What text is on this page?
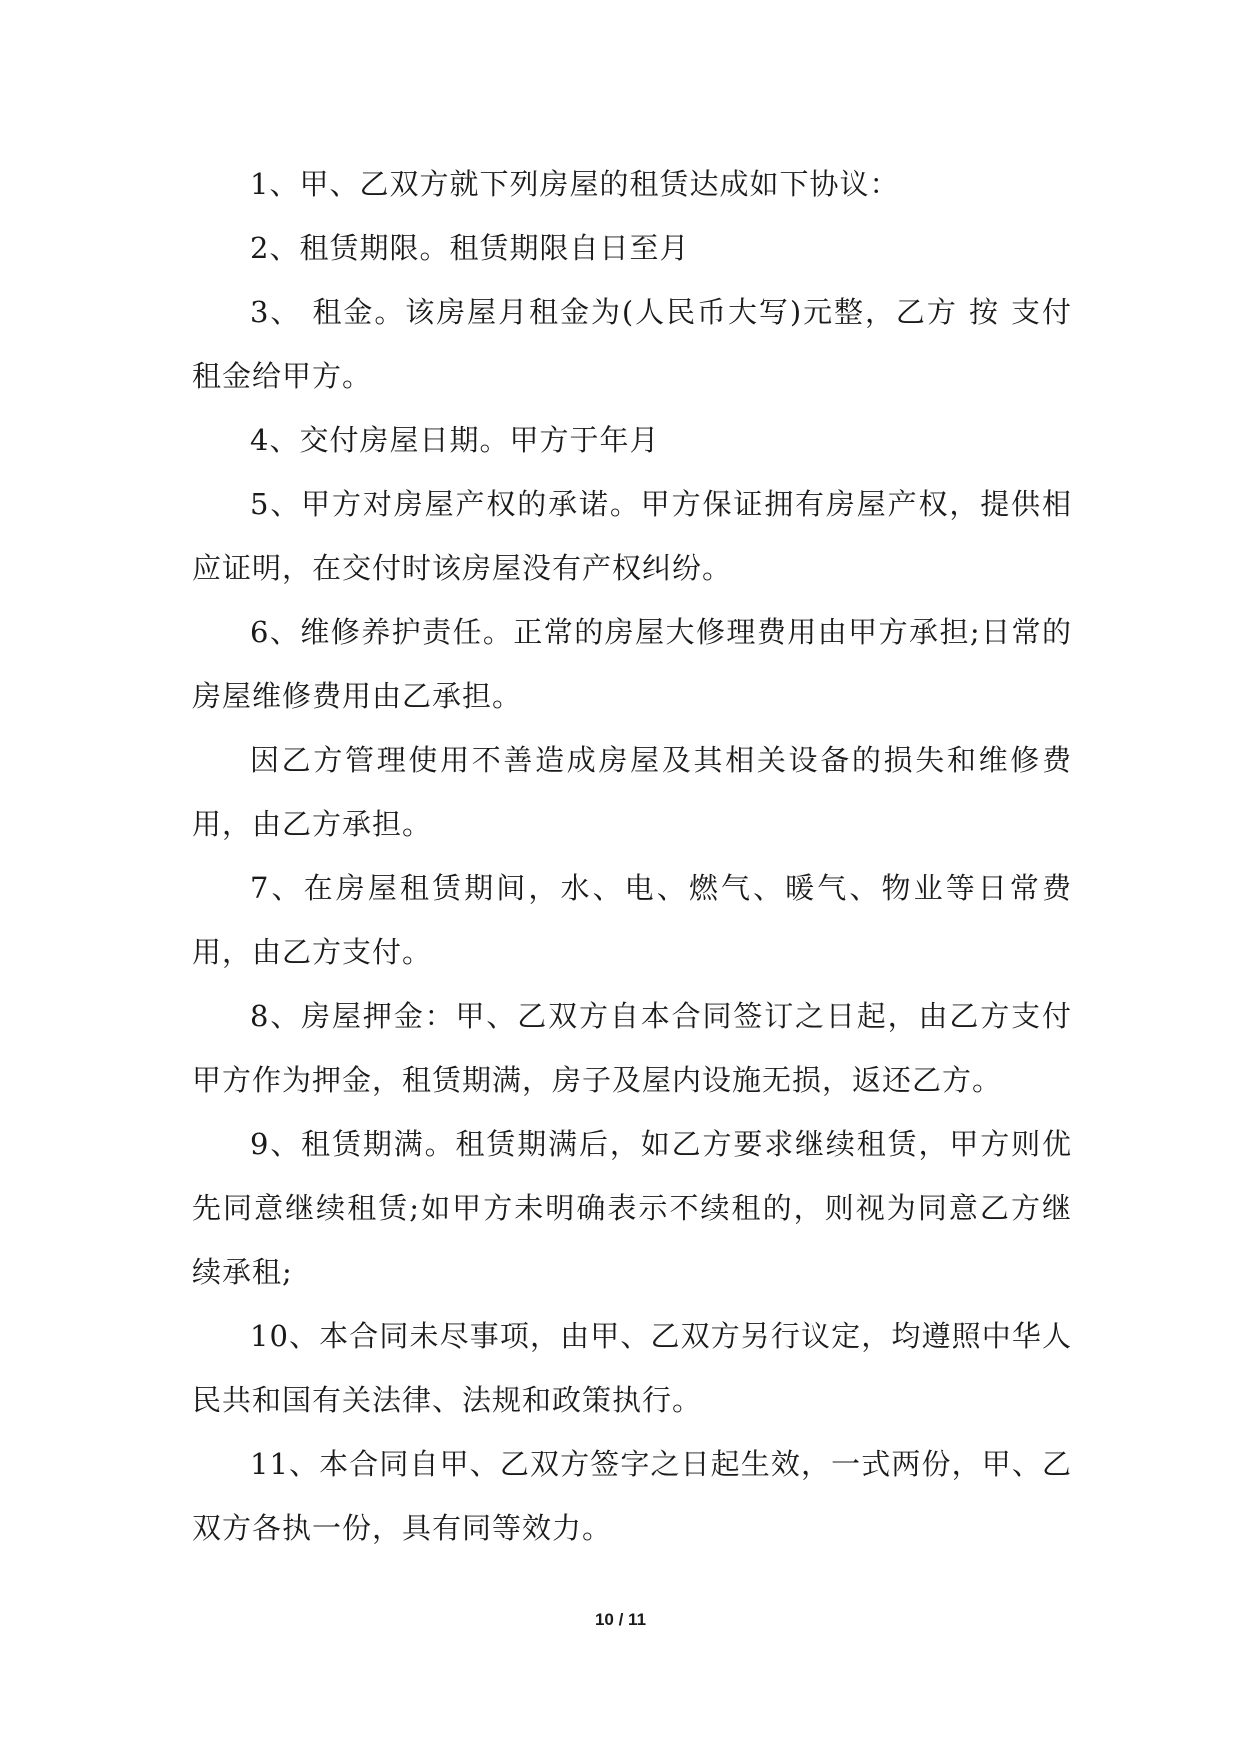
1、甲、乙双方就下列房屋的租赁达成如下协议：

2、租赁期限。租赁期限自日至月

3、 租金。该房屋月租金为(人民币大写)元整，乙方 按 支付租金给甲方。

4、交付房屋日期。甲方于年月

5、甲方对房屋产权的承诺。甲方保证拥有房屋产权，提供相应证明，在交付时该房屋没有产权纠纷。

6、维修养护责任。正常的房屋大修理费用由甲方承担;日常的房屋维修费用由乙承担。

因乙方管理使用不善造成房屋及其相关设备的损失和维修费用，由乙方承担。

7、在房屋租赁期间，水、电、燃气、暖气、物业等日常费用，由乙方支付。

8、房屋押金：甲、乙双方自本合同签订之日起，由乙方支付甲方作为押金，租赁期满，房子及屋内设施无损，返还乙方。

9、租赁期满。租赁期满后，如乙方要求继续租赁，甲方则优先同意继续租赁;如甲方未明确表示不续租的，则视为同意乙方继续承租;

10、本合同未尽事项，由甲、乙双方另行议定，均遵照中华人民共和国有关法律、法规和政策执行。

11、本合同自甲、乙双方签字之日起生效，一式两份，甲、乙双方各执一份，具有同等效力。

10 / 11
